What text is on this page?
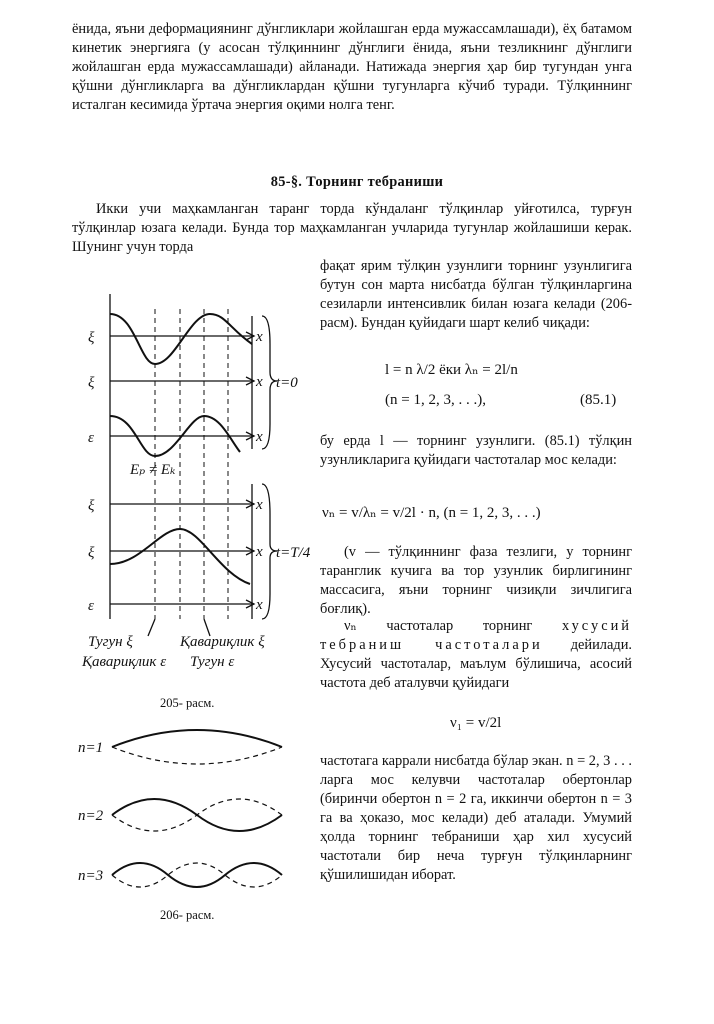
ёнида, яъни деформациянинг дўнгликлари жойлашган ерда мужассамлашади), ёҳ батамом кинетик энергияга (у асосан тўлқиннинг дўнглиги ёнида, яъни тезликнинг дўнглиги жойлашган ерда мужассамлашади) айланади. Натижада энергия ҳар бир тугундан унга қўшни дўнгликларга ва дўнгликлардан қўшни тугунларга кўчиб туради. Тўлқиннинг исталган кесимида ўртача энергия оқими нолга тенг.

85-§. Торнинг тебраниши

Икки учи маҳкамланган таранг торда кўндаланг тўлқинлар уйғотилса, турғун тўлқинлар юзага келади. Бунда тор маҳкамланган учларида тугунлар жойлашиши керак. Шунинг учун торда

фақат ярим тўлқин узунлиги торнинг узунлигига бутун сон марта нисбатда бўлган тўлқинларгина сезиларли интенсивлик билан юзага келади (206-расм). Бундан қуйидаги шарт келиб чиқади:

l = n λ/2 ёки λₙ = 2l/n
(n = 1, 2, 3, . . .),	(85.1)

бу ерда l — торнинг узунлиги. (85.1) тўлқин узунликларига қуйидаги частоталар мос келади:

νₙ = v/λₙ = v/2l · n, (n = 1, 2, 3, . . .)

(v — тўлқиннинг фаза тезлиги, у торнинг таранглик кучига ва тор узунлик бирлигининг массасига, яъни торнинг чизиқли зичлигига боғлиқ).

νₙ частоталар торнинг хусусий тебраниш частоталари дейилади. Хусусий частоталар, маълум бўлишича, асосий частота деб аталувчи қуйидаги

ν₁ = v/2l

частотага каррали нисбатда бўлар экан. n = 2, 3 . . . ларга мос келувчи частоталар обертонлар (биринчи обертон n = 2 га, иккинчи обертон n = 3 га ва ҳоказо, мос келади) деб аталади. Умумий ҳолда торнинг тебраниши ҳар хил хусусий частотали бир неча турғун тўлқинларнинг қўшилишидан иборат.

ξ
ξ
ε
ξ
ξ
ε
x
x
x
x
x
x
t=0
t=T/4
Eₚ ≠ Eₖ
Тугун ξ	Қавариқлик ξ
Қавариқлик ε Тугун ε
205- расм.
n=1
n=2
n=3
206- расм.
